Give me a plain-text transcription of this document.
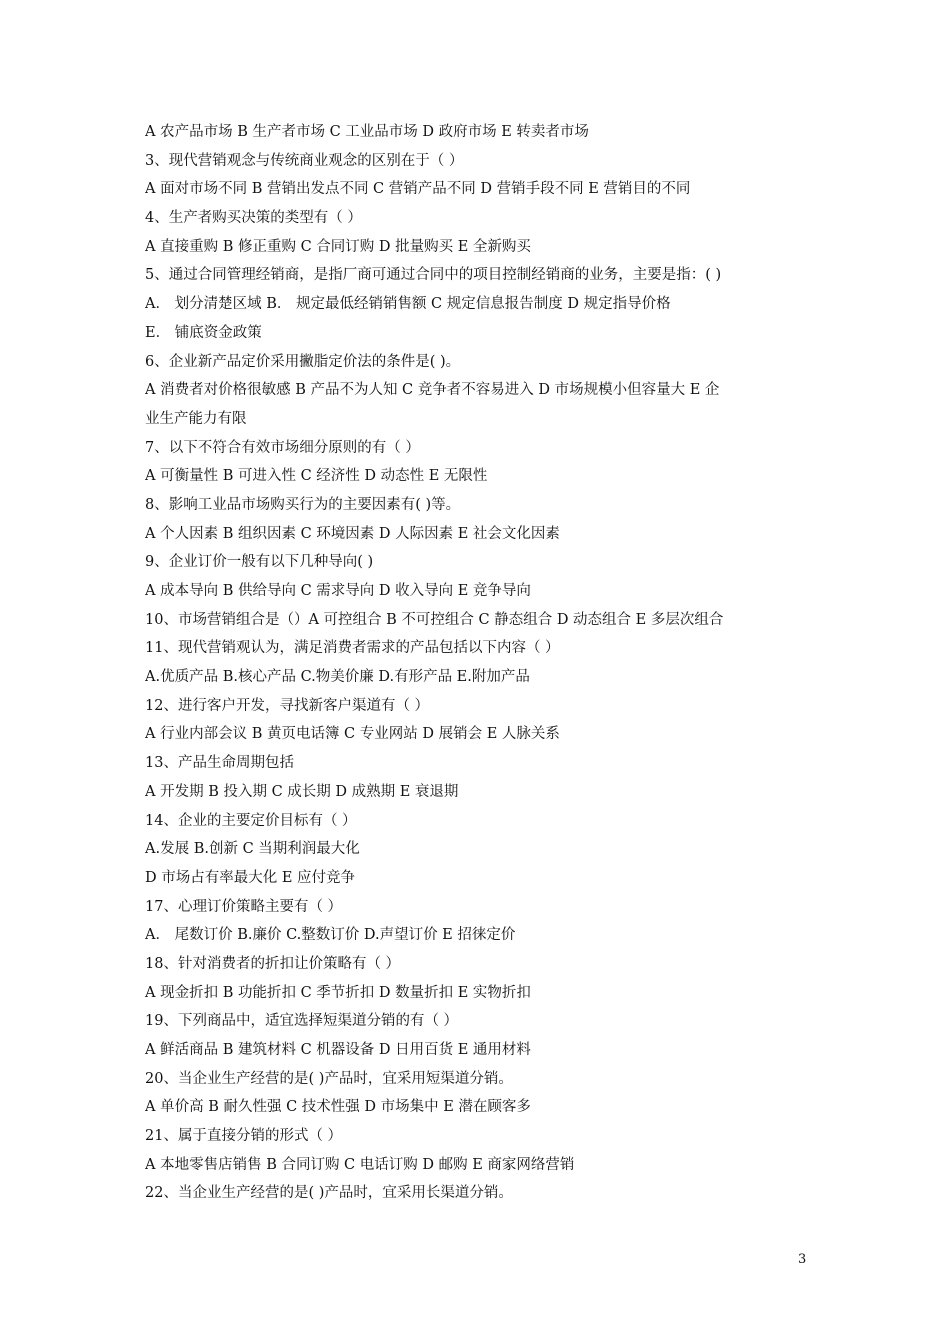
A 农产品市场 B 生产者市场 C 工业品市场 D 政府市场 E 转卖者市场
3、现代营销观念与传统商业观念的区别在于（ ）
A 面对市场不同 B 营销出发点不同 C 营销产品不同 D 营销手段不同 E 营销目的不同
4、生产者购买决策的类型有（ ）
A 直接重购 B 修正重购 C 合同订购 D 批量购买 E 全新购买
5、通过合同管理经销商，是指厂商可通过合同中的项目控制经销商的业务，主要是指：( )
A． 划分清楚区域 B． 规定最低经销销售额 C 规定信息报告制度 D 规定指导价格
E． 铺底资金政策
6、企业新产品定价采用撇脂定价法的条件是( )。
A 消费者对价格很敏感 B 产品不为人知 C 竞争者不容易进入 D 市场规模小但容量大 E 企
业生产能力有限
7、以下不符合有效市场细分原则的有（ ）
A 可衡量性 B 可进入性 C 经济性 D 动态性 E 无限性
8、影响工业品市场购买行为的主要因素有( )等。
A 个人因素 B 组织因素 C 环境因素 D 人际因素 E 社会文化因素
9、企业订价一般有以下几种导向( )
A 成本导向 B 供给导向 C 需求导向 D 收入导向 E 竞争导向
10、市场营销组合是（）A 可控组合 B 不可控组合 C 静态组合 D 动态组合 E 多层次组合
11、现代营销观认为，满足消费者需求的产品包括以下内容（ ）
A.优质产品 B.核心产品 C.物美价廉 D.有形产品 E.附加产品
12、进行客户开发，寻找新客户渠道有（ ）
A 行业内部会议 B 黄页电话簿 C 专业网站 D 展销会 E 人脉关系
13、产品生命周期包括
A 开发期 B 投入期 C 成长期 D 成熟期 E 衰退期
14、企业的主要定价目标有（ ）
A.发展 B.创新 C 当期利润最大化
D 市场占有率最大化 E 应付竞争
17、心理订价策略主要有（ ）
A． 尾数订价 B.廉价 C.整数订价 D.声望订价 E 招徕定价
18、针对消费者的折扣让价策略有（ ）
A 现金折扣 B 功能折扣 C 季节折扣 D 数量折扣 E 实物折扣
19、下列商品中，适宜选择短渠道分销的有（ ）
A 鲜活商品 B 建筑材料 C 机器设备 D 日用百货 E 通用材料
20、当企业生产经营的是( )产品时，宜采用短渠道分销。
A 单价高 B 耐久性强 C 技术性强 D 市场集中 E 潜在顾客多
21、属于直接分销的形式（ ）
A 本地零售店销售 B 合同订购 C 电话订购 D 邮购 E 商家网络营销
22、当企业生产经营的是( )产品时，宜采用长渠道分销。
3
